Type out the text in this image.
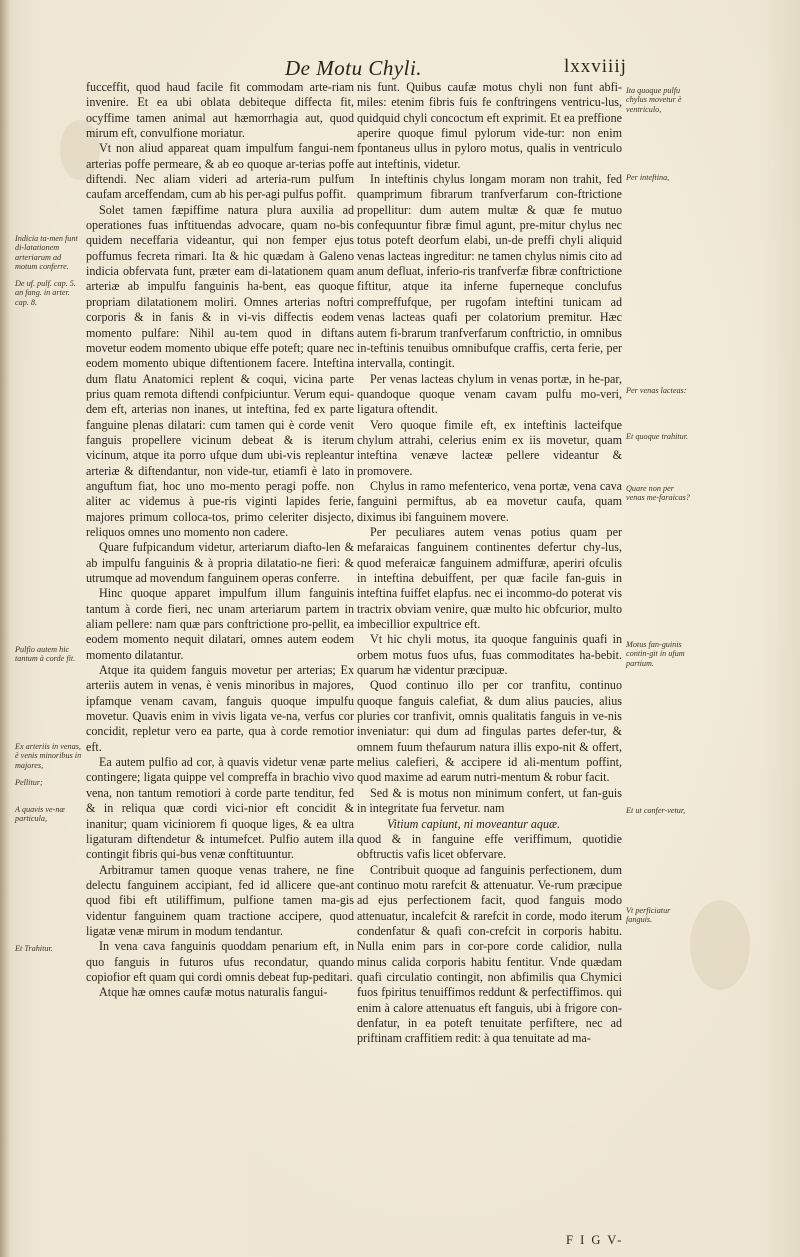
De Motu Chyli.	lxxviiij

fucceffit, quod haud facile fit commodam arte-riam invenire. Et ea ubi oblata debiteque diffecta fit, ocyffime tamen animal aut hæmorrhagia aut, quod mirum eft, convulfione moriatur.

Vt non aliud appareat quam impulfum fangui-nem arterias poffe permeare, & ab eo quoque ar-terias poffe diftendi. Nec aliam videri ad arteria-rum pulfum caufam arceffendam, cum ab his per-agi pulfus poffit.

Solet tamen fæpiffime natura plura auxilia ad operationes fuas inftituendas advocare, quam no-bis quidem neceffaria videantur, qui non femper ejus poffumus fecreta rimari. Ita & hic quædam à Galeno indicia obfervata funt, præter eam di-latationem quam arteriæ ab impulfu fanguinis ha-bent, eas quoque propriam dilatationem moliri. Omnes arterias noftri corporis & in fanis & in vi-vis diffectis eodem momento pulfare: Nihil au-tem quod in diftans movetur eodem momento ubique effe poteft; quare nec eodem momento ubique diftentionem facere. Inteftina dum flatu Anatomici replent & coqui, vicina parte prius quam remota diftendi confpiciuntur. Verum equi-dem eft, arterias non inanes, ut inteftina, fed ex parte fanguine plenas dilatari: cum tamen qui è corde venit fanguis propellere vicinum debeat & is iterum vicinum, atque ita porro ufque dum ubi-vis repleantur arteriæ & diftendantur, non vide-tur, etiamfi è lato in anguftum fiat, hoc uno mo-mento peragi poffe. non aliter ac videmus à pue-ris viginti lapides ferie, majores primum colloca-tos, primo celeriter disjecto, reliquos omnes uno momento non cadere.

Quare fufpicandum videtur, arteriarum diafto-len & ab impulfu fanguinis & à propria dilatatio-ne fieri: & utrumque ad movendum fanguinem operas conferre.

Hinc quoque apparet impulfum illum fanguinis tantum à corde fieri, nec unam arteriarum partem in aliam pellere: nam quæ pars conftrictione pro-pellit, ea eodem momento nequit dilatari, omnes autem eodem momento dilatantur.

Atque ita quidem fanguis movetur per arterias; Ex arteriis autem in venas, è venis minoribus in majores, ipfamque venam cavam, fanguis quoque impulfu movetur. Quavis enim in vivis ligata ve-na, verfus cor concidit, repletur vero ea parte, qua à corde remotior eft.

Ea autem pulfio ad cor, à quavis videtur venæ parte contingere; ligata quippe vel compreffa in brachio vivo vena, non tantum remotiori à corde parte tenditur, fed & in reliqua quæ cordi vici-nior eft concidit & inanitur; quam viciniorem fi quoque liges, & ea ultra ligaturam diftendetur & intumefcet. Pulfio autem illa contingit fibris qui-bus venæ conftituuntur.

Arbitramur tamen quoque venas trahere, ne fine delectu fanguinem accipiant, fed id allicere que-ant quod fibi eft utiliffimum, pulfione tamen ma-gis videntur fanguinem quam tractione accipere, quod ligatæ venæ mirum in modum tendantur.

In vena cava fanguinis quoddam penarium eft, in quo fanguis in futuros ufus recondatur, quando copiofior eft quam qui cordi omnis debeat fup-peditari.

Atque hæ omnes caufæ motus naturalis fangui-

nis funt. Quibus caufæ motus chyli non funt abfi-miles: etenim fibris fuis fe conftringens ventricu-lus, quidquid chyli concoctum eft exprimit. Et ea preffione aperire quoque fimul pylorum vide-tur: non enim fpontaneus ullus in pyloro motus, qualis in ventriculo aut inteftinis, videtur.

In inteftinis chylus longam moram non trahit, fed quamprimum fibrarum tranfverfarum con-ftrictione propellitur: dum autem multæ & quæ fe mutuo confequuntur fibræ fimul agunt, pre-mitur chylus nec totus poteft deorfum elabi, un-de preffi chyli aliquid venas lacteas ingreditur: ne tamen chylus nimis cito ad anum defluat, inferio-ris tranfverfæ fibræ conftrictione fiftitur, atque ita inferne fuperneque conclufus compreffufque, per rugofam inteftini tunicam ad venas lacteas quafi per colatorium premitur. Hæc autem fi-brarum tranfverfarum conftrictio, in omnibus in-teftinis tenuibus omnibufque craffis, certa ferie, per intervalla, contingit.

Per venas lacteas chylum in venas portæ, in he-par, quandoque quoque venam cavam pulfu mo-veri, ligatura oftendit.

Vero quoque fimile eft, ex inteftinis lacteifque chylum attrahi, celerius enim ex iis movetur, quam inteftina venæve lacteæ pellere videantur & promovere.

Chylus in ramo mefenterico, vena portæ, vena cava fanguini permiftus, ab ea movetur caufa, quam diximus ibi fanguinem movere.

Per peculiares autem venas potius quam per mefaraicas fanguinem continentes defertur chy-lus, quod meferaicæ fanguinem admiffuræ, aperiri ofculis in inteftina debuiffent, per quæ facile fan-guis in inteftina fuiffet elapfus. nec ei incommo-do poterat vis tractrix obviam venire, quæ multo hic obfcurior, multo imbecillior expultrice eft.

Vt hic chyli motus, ita quoque fanguinis quafi in orbem motus fuos ufus, fuas commoditates ha-bebit. quarum hæ videntur præcipuæ.

Quod continuo illo per cor tranfitu, continuo quoque fanguis calefiat, & dum alius paucies, alius pluries cor tranfivit, omnis qualitatis fanguis in ve-nis inveniatur: qui dum ad fingulas partes defer-tur, & omnem fuum thefaurum natura illis expo-nit & offert, melius calefieri, & accipere id ali-mentum poffint, quod maxime ad earum nutri-mentum & robur facit.

Sed & is motus non minimum confert, ut fan-guis in integritate fua fervetur. nam

Vitium capiunt, ni moveantur aquæ.

quod & in fanguine effe veriffimum, quotidie obftructis vafis licet obfervare.

Contribuit quoque ad fanguinis perfectionem, dum continuo motu rarefcit & attenuatur. Ve-rum præcipue ad ejus perfectionem facit, quod fanguis modo attenuatur, incalefcit & rarefcit in corde, modo iterum condenfatur & quafi con-crefcit in corporis habitu. Nulla enim pars in cor-pore corde calidior, nulla minus calida corporis habitu fentitur. Vnde quædam quafi circulatio contingit, non abfimilis qua Chymici fuos fpiritus tenuiffimos reddunt & perfectiffimos. qui enim à calore attenuatus eft fanguis, ubi à frigore con-denfatur, in ea poteft tenuitate perfiftere, nec ad priftinam craffitiem redit: à qua tenuitate ad ma-

F I G V-
Indicia ta-men funt di-latationem arteriarum ad motum conferre.
De uf. pulf. cap. 5. an fang. in arter. cap. 8.
Pulfio autem hic tantum à corde fit.
Ex arteriis in venas, è venis minoribus in majores,
Pellitur;
A quavis ve-næ particula,
Et Trahitur.
Ita quoque pulfu chylus movetur è ventriculo,
Per inteftina,
Per venas lacteas:
Et quoque trahitur.
Quare non per venas me-faraicas?
Motus fan-guinis contin-git in ufum partium.
Et ut confer-vetur,
Vt perficiatur fanguis.
